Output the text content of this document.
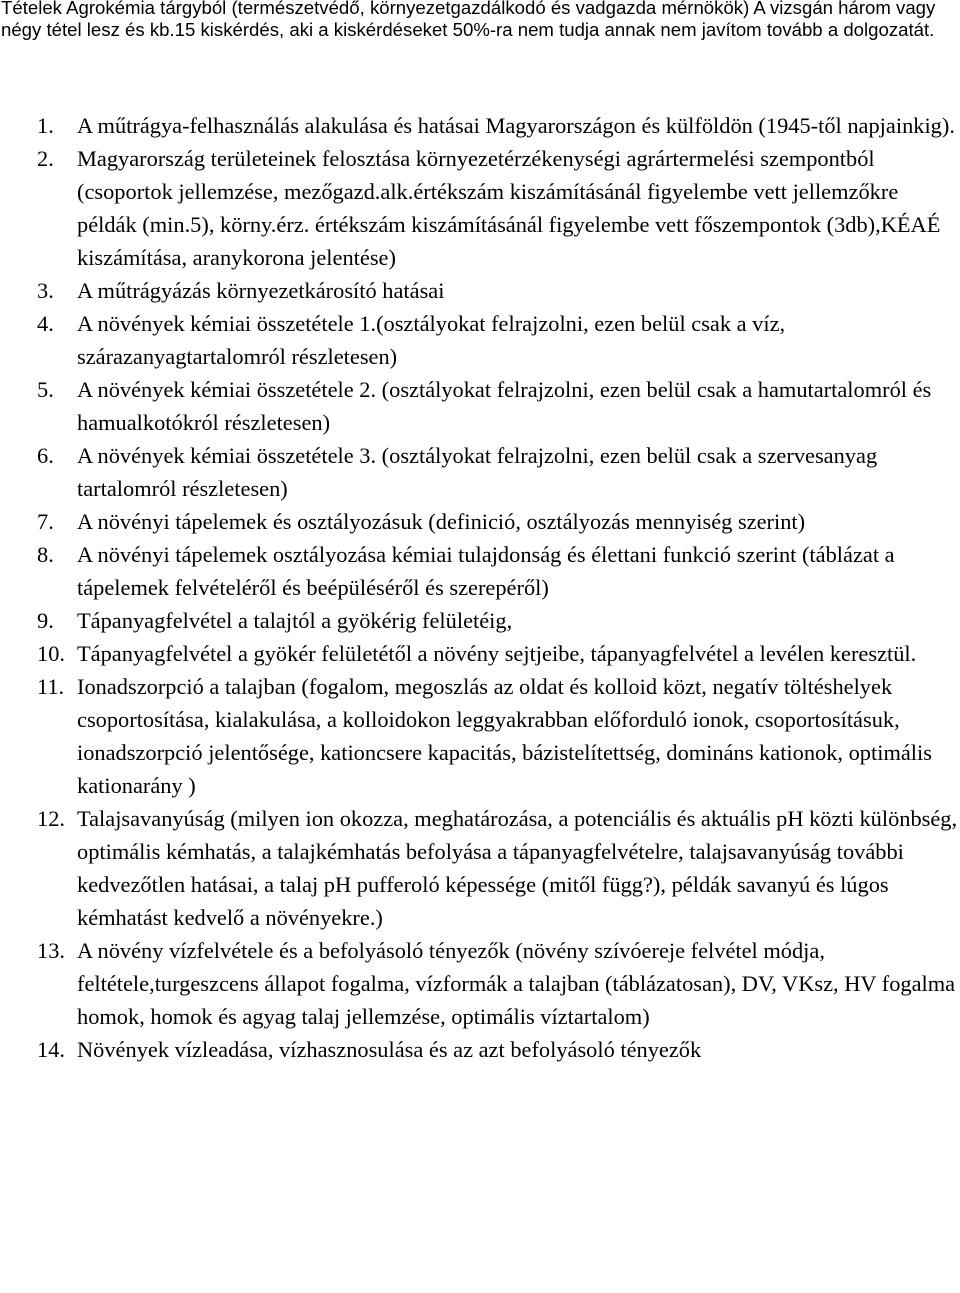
Tételek Agrokémia tárgyból (természetvédő, környezetgazdálkodó és vadgazda mérnökök) A vizsgán három vagy négy tétel lesz és kb.15 kiskérdés, aki a kiskérdéseket 50%-ra nem tudja annak nem javítom tovább a dolgozatát.

1. A műtrágya-felhasználás alakulása és hatásai Magyarországon és külföldön (1945-től napjainkig).
2. Magyarország területeinek felosztása környezetérzékenységi agrártermelési szempontból (csoportok jellemzése, mezőgazd.alk.értékszám kiszámításánál figyelembe vett jellemzőkre példák (min.5), körny.érz. értékszám kiszámításánál figyelembe vett főszempontok (3db),KÉAÉ kiszámítása, aranykorona jelentése)
3. A műtrágyázás környezetkárosító hatásai
4. A növények kémiai összetétele 1.(osztályokat felrajzolni, ezen belül csak a víz, szárazanyagtartalomról részletesen)
5. A növények kémiai összetétele 2. (osztályokat felrajzolni, ezen belül csak a hamutartalomról és hamualkotókról részletesen)
6. A növények kémiai összetétele 3. (osztályokat felrajzolni, ezen belül csak a szervesanyag tartalomról részletesen)
7. A növényi tápelemek és osztályozásuk (definició, osztályozás mennyiség szerint)
8. A növényi tápelemek osztályozása kémiai tulajdonság és élettani funkció szerint (táblázat a tápelemek felvételéről és beépüléséről és szerepéről)
9. Tápanyagfelvétel a talajtól a gyökérig felületéig,
10. Tápanyagfelvétel a gyökér felületétől a növény sejtjeibe, tápanyagfelvétel a levélen keresztül.
11. Ionadszorpció a talajban (fogalom, megoszlás az oldat és kolloid közt, negatív töltéshelyek csoportosítása, kialakulása, a kolloidokon leggyakrabban előforduló ionok, csoportosításuk, ionadszorpció jelentősége, kationcsere kapacitás, bázistelítettség, domináns kationok, optimális kationarány )
12. Talajsavanyúság (milyen ion okozza, meghatározása, a potenciális és aktuális pH közti különbség, optimális kémhatás, a talajkémhatás befolyása a tápanyagfelvételre, talajsavanyúság további kedvezőtlen hatásai, a talaj pH pufferoló képessége (mitől függ?), példák savanyú és lúgos kémhatást kedvelő a növényekre.)
13. A növény vízfelvétele és a befolyásoló tényezők (növény szívóereje felvétel módja, feltétele,turgeszcens állapot fogalma, vízformák a talajban (táblázatosan), DV, VKsz, HV fogalma homok, homok és agyag talaj jellemzése, optimális víztartalom)
14. Növények vízleadása, vízhasznosulása és az azt befolyásoló tényezők
